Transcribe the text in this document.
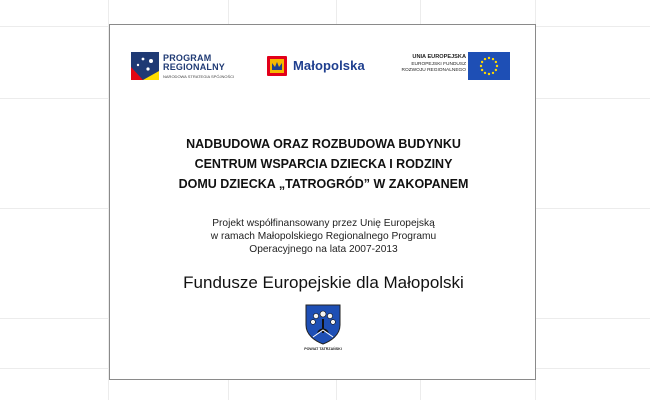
PROGRAM
REGIONALNY
NARODOWA STRATEGIA SPÓJNOŚCI
Małopolska
UNIA EUROPEJSKA
EUROPEJSKI FUNDUSZ
ROZWOJU REGIONALNEGO
NADBUDOWA ORAZ ROZBUDOWA BUDYNKU
CENTRUM WSPARCIA DZIECKA I RODZINY
DOMU DZIECKA „TATROGRÓD” W ZAKOPANEM
Projekt współfinansowany przez Unię Europejską
w ramach Małopolskiego Regionalnego Programu
Operacyjnego na lata 2007-2013
Fundusze Europejskie dla Małopolski
POWIAT TATRZAŃSKI
